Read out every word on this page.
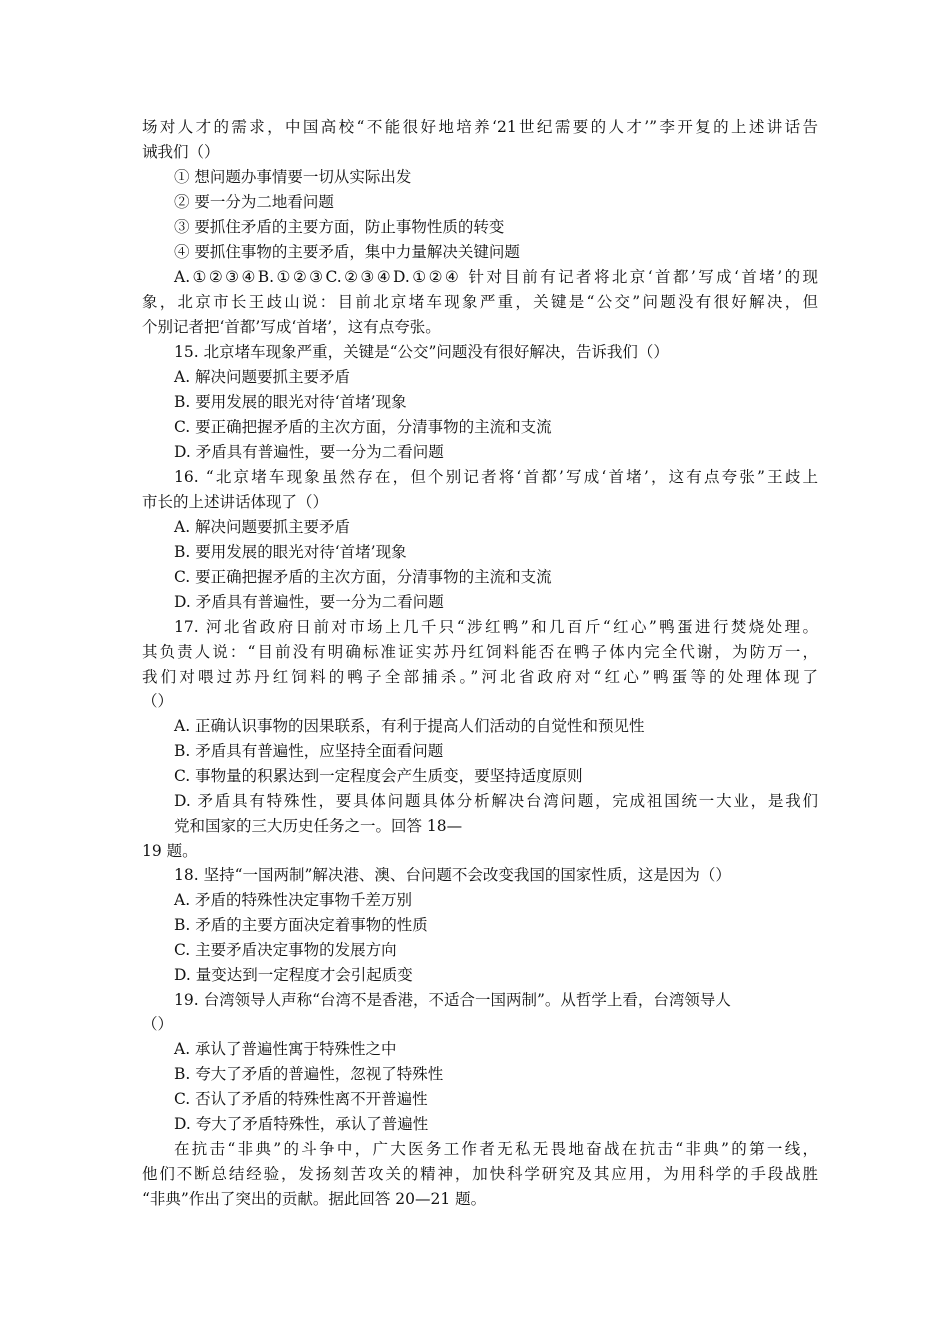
场对人才的需求，中国高校“不能很好地培养‘21世纪需要的人才’”李开复的上述讲话告
诫我们（）
① 想问题办事情要一切从实际出发
② 要一分为二地看问题
③ 要抓住矛盾的主要方面，防止事物性质的转变
④ 要抓住事物的主要矛盾，集中力量解决关键问题
A.①②③④B.①②③C.②③④D.①②④ 针对目前有记者将北京‘首都’写成‘首堵’的现
象，北京市长王歧山说：目前北京堵车现象严重，关键是“公交”问题没有很好解决，但
个别记者把‘首都’写成‘首堵’，这有点夸张。
15. 北京堵车现象严重，关键是“公交”问题没有很好解决，告诉我们（）
A. 解决问题要抓主要矛盾
B. 要用发展的眼光对待‘首堵’现象
C. 要正确把握矛盾的主次方面，分清事物的主流和支流
D. 矛盾具有普遍性，要一分为二看问题
16. “北京堵车现象虽然存在，但个别记者将‘首都’写成‘首堵’，这有点夸张”王歧上
市长的上述讲话体现了（）
A. 解决问题要抓主要矛盾
B. 要用发展的眼光对待‘首堵’现象
C. 要正确把握矛盾的主次方面，分清事物的主流和支流
D. 矛盾具有普遍性，要一分为二看问题
17. 河北省政府日前对市场上几千只“涉红鸭”和几百斤“红心”鸭蛋进行焚烧处理。
其负责人说：“目前没有明确标准证实苏丹红饲料能否在鸭子体内完全代谢，为防万一，
我们对喂过苏丹红饲料的鸭子全部捕杀。”河北省政府对“红心”鸭蛋等的处理体现了
（）
A. 正确认识事物的因果联系，有利于提高人们活动的自觉性和预见性
B. 矛盾具有普遍性，应坚持全面看问题
C. 事物量的积累达到一定程度会产生质变，要坚持适度原则
D. 矛盾具有特殊性，要具体问题具体分析解决台湾问题，完成祖国统一大业，是我们
党和国家的三大历史任务之一。回答 18—
19 题。
18. 坚持“一国两制”解决港、澳、台问题不会改变我国的国家性质，这是因为（）
A. 矛盾的特殊性决定事物千差万别
B. 矛盾的主要方面决定着事物的性质
C. 主要矛盾决定事物的发展方向
D. 量变达到一定程度才会引起质变
19. 台湾领导人声称“台湾不是香港，不适合一国两制”。从哲学上看，台湾领导人
（）
A. 承认了普遍性寓于特殊性之中
B. 夸大了矛盾的普遍性，忽视了特殊性
C. 否认了矛盾的特殊性离不开普遍性
D. 夸大了矛盾特殊性，承认了普遍性
在抗击“非典”的斗争中，广大医务工作者无私无畏地奋战在抗击“非典”的第一线，
他们不断总结经验，发扬刻苦攻关的精神，加快科学研究及其应用，为用科学的手段战胜
“非典”作出了突出的贡献。据此回答 20—21 题。
